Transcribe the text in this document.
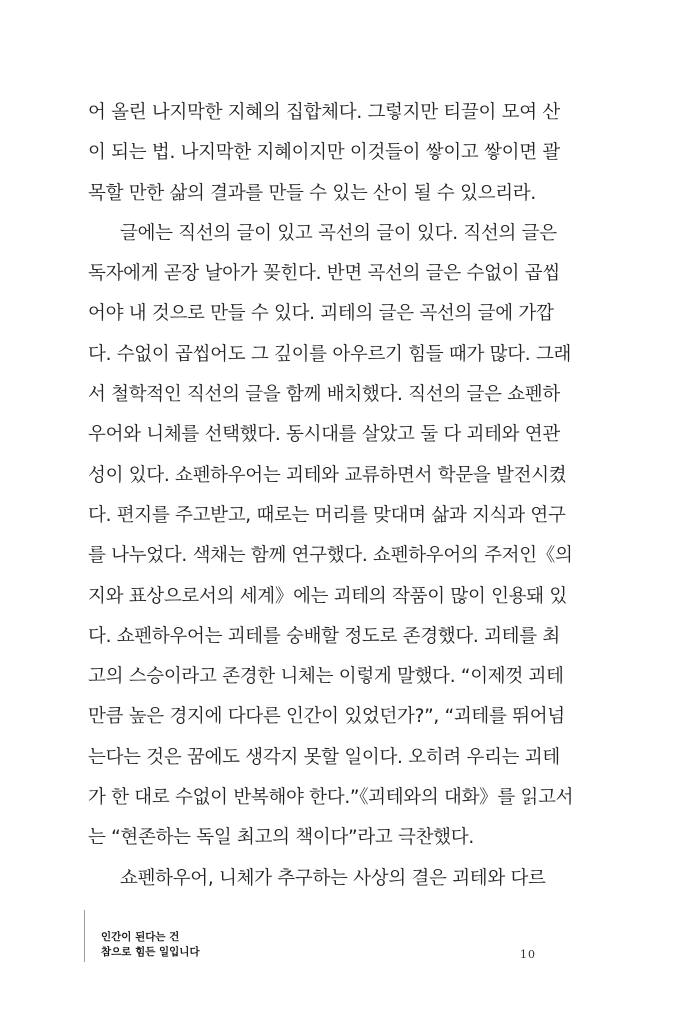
어 올린 나지막한 지혜의 집합체다. 그렇지만 티끌이 모여 산
이 되는 법. 나지막한 지혜이지만 이것들이 쌓이고 쌓이면 괄
목할 만한 삶의 결과를 만들 수 있는 산이 될 수 있으리라.
글에는 직선의 글이 있고 곡선의 글이 있다. 직선의 글은
독자에게 곧장 날아가 꽂힌다. 반면 곡선의 글은 수없이 곱씹
어야 내 것으로 만들 수 있다. 괴테의 글은 곡선의 글에 가깝
다. 수없이 곱씹어도 그 깊이를 아우르기 힘들 때가 많다. 그래
서 철학적인 직선의 글을 함께 배치했다. 직선의 글은 쇼펜하
우어와 니체를 선택했다. 동시대를 살았고 둘 다 괴테와 연관
성이 있다. 쇼펜하우어는 괴테와 교류하면서 학문을 발전시켰
다. 편지를 주고받고, 때로는 머리를 맞대며 삶과 지식과 연구
를 나누었다. 색채는 함께 연구했다. 쇼펜하우어의 주저인《의
지와 표상으로서의 세계》에는 괴테의 작품이 많이 인용돼 있
다. 쇼펜하우어는 괴테를 숭배할 정도로 존경했다. 괴테를 최
고의 스승이라고 존경한 니체는 이렇게 말했다. “이제껏 괴테
만큼 높은 경지에 다다른 인간이 있었던가?”, “괴테를 뛰어넘
는다는 것은 꿈에도 생각지 못할 일이다. 오히려 우리는 괴테
가 한 대로 수없이 반복해야 한다.”《괴테와의 대화》를 읽고서
는 “현존하는 독일 최고의 책이다”라고 극찬했다.
쇼펜하우어, 니체가 추구하는 사상의 결은 괴테와 다르
인간이 된다는 건
참으로 힘든 일입니다	10
